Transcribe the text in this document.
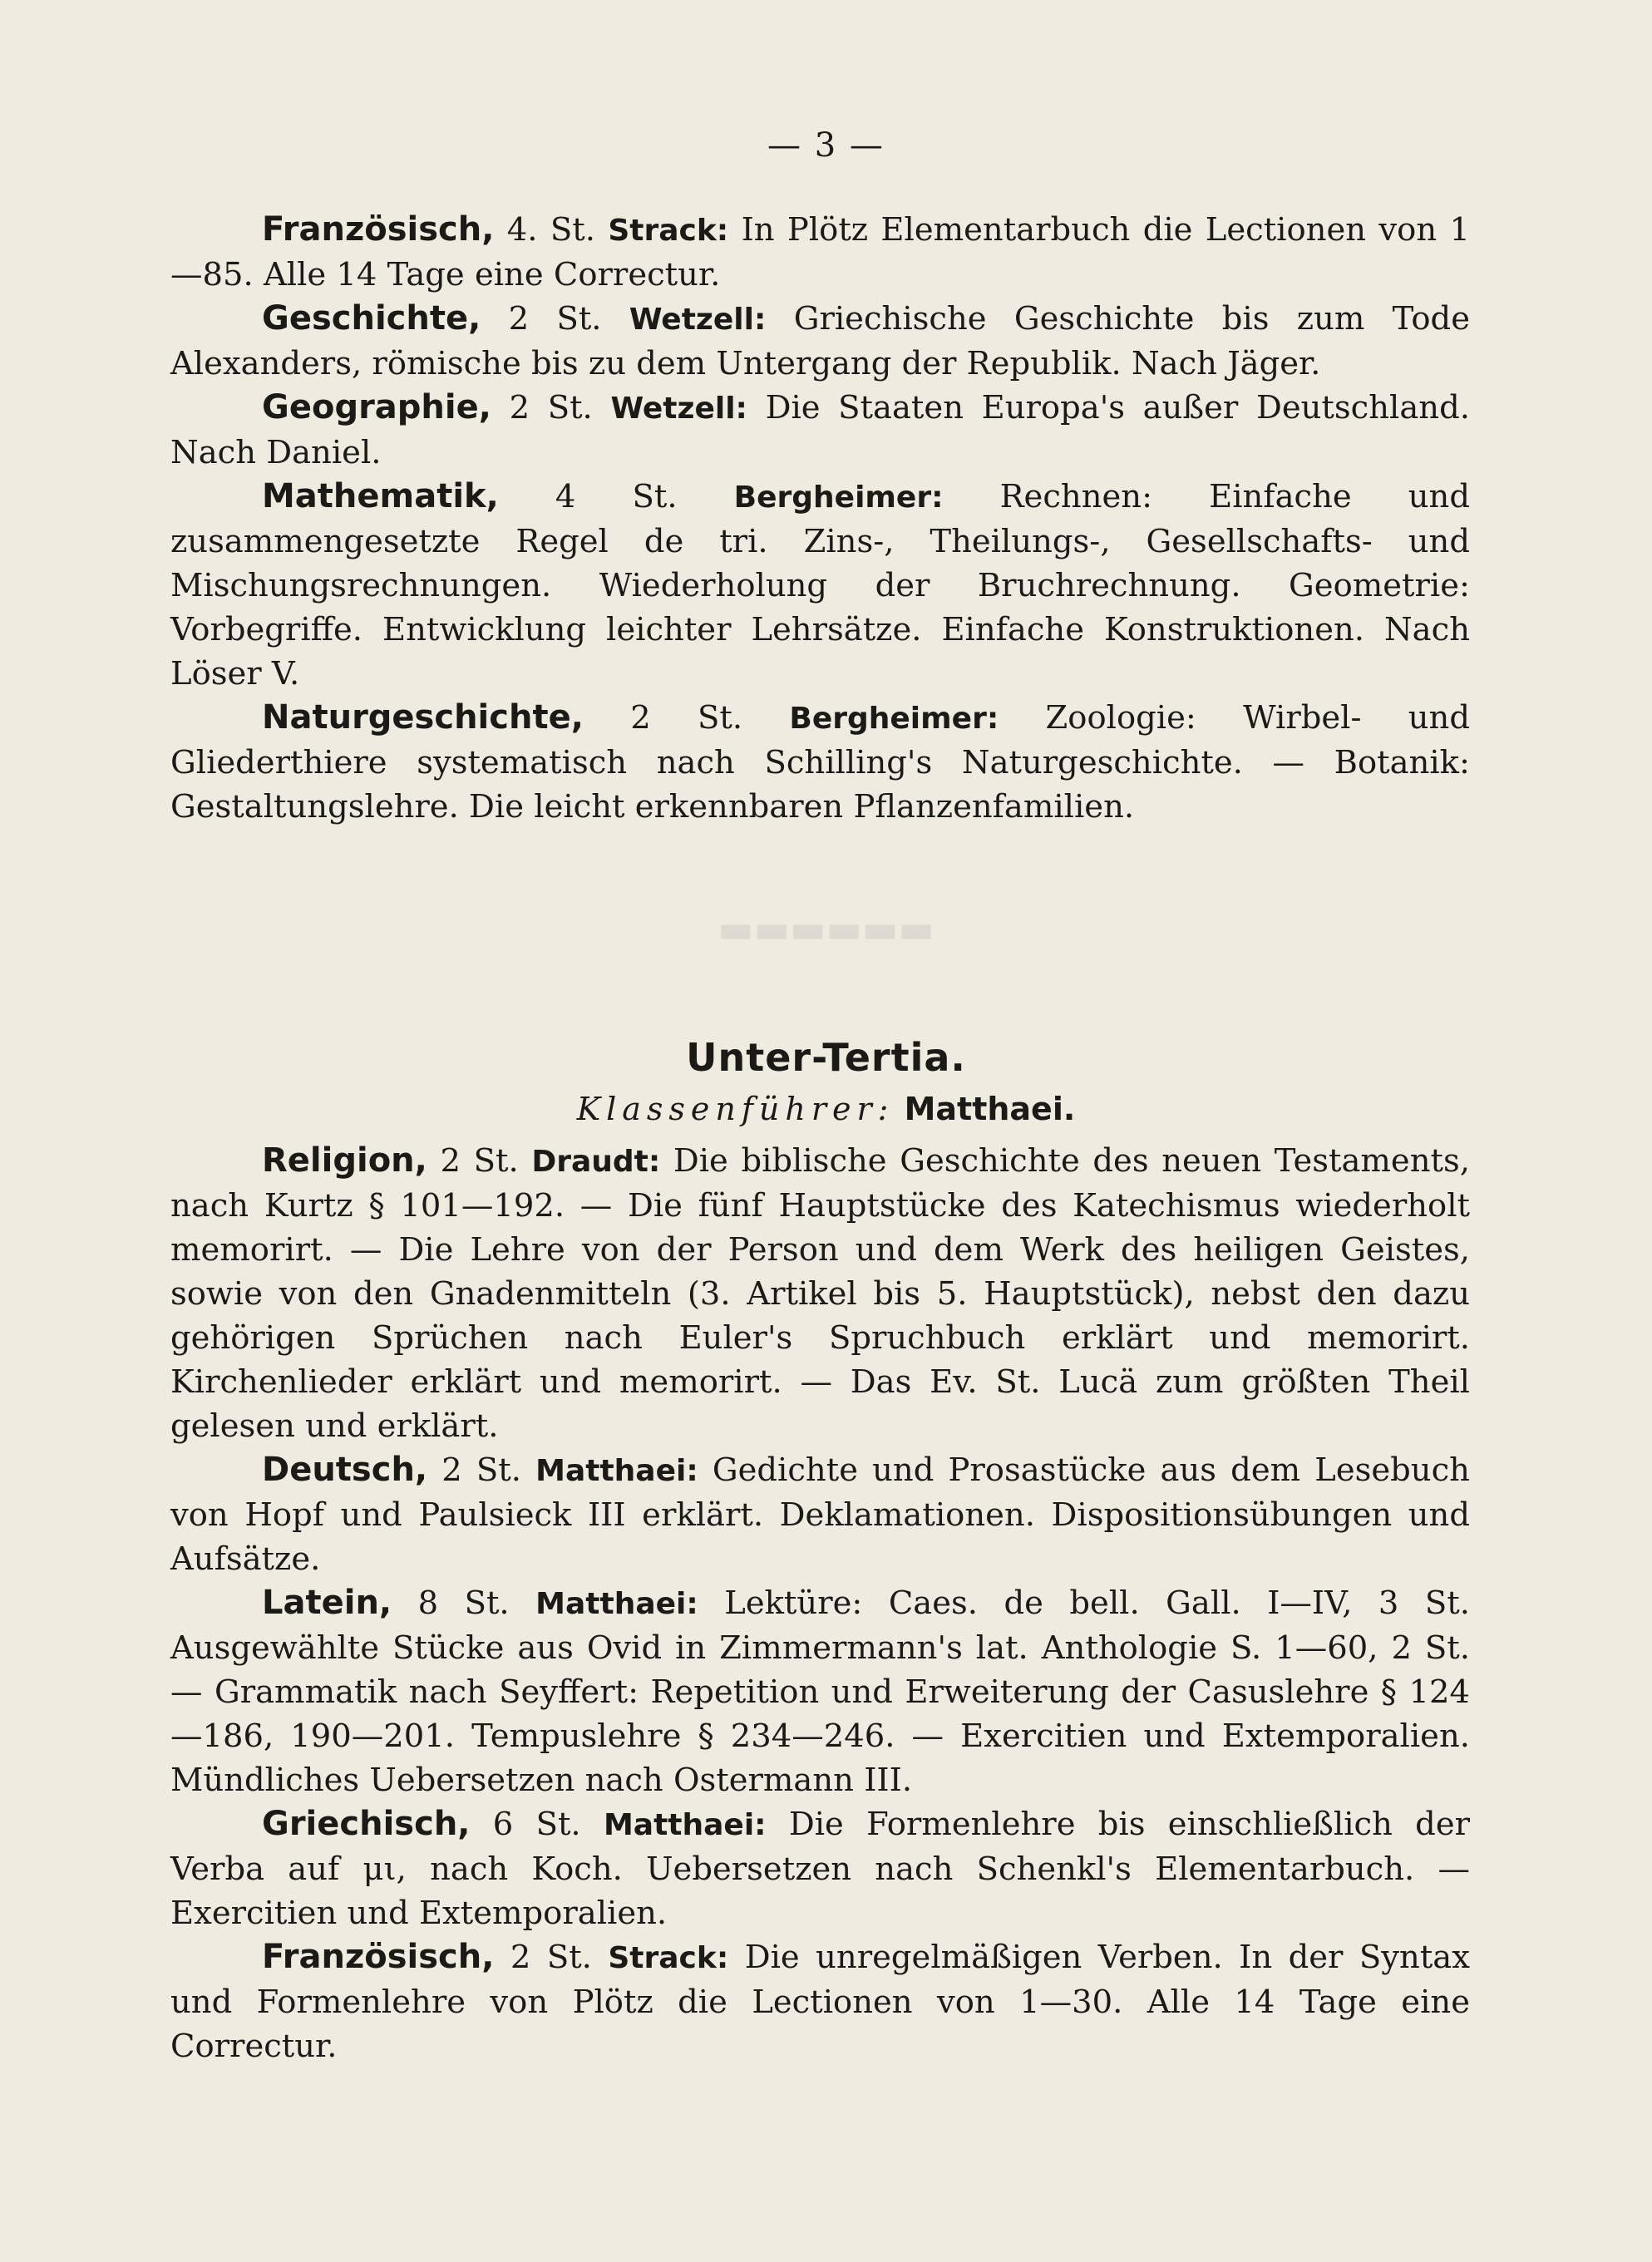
▬▬▬▬▬▬
— 3 —

Französisch, 4. St. Strack: In Plötz Elementarbuch die Lectionen von 1—85. Alle 14 Tage eine Correctur.

Geschichte, 2 St. Wetzell: Griechische Geschichte bis zum Tode Alexanders, römische bis zu dem Untergang der Republik. Nach Jäger.

Geographie, 2 St. Wetzell: Die Staaten Europa's außer Deutschland. Nach Daniel.

Mathematik, 4 St. Bergheimer: Rechnen: Einfache und zusammengesetzte Regel de tri. Zins-, Theilungs-, Gesellschafts- und Mischungsrechnungen. Wiederholung der Bruchrechnung. Geometrie: Vorbegriffe. Entwicklung leichter Lehrsätze. Einfache Konstruktionen. Nach Löser V.

Naturgeschichte, 2 St. Bergheimer: Zoologie: Wirbel- und Gliederthiere systematisch nach Schilling's Naturgeschichte. — Botanik: Gestaltungslehre. Die leicht erkennbaren Pflanzenfamilien.

Unter-Tertia.
Klassenführer: Matthaei.

Religion, 2 St. Draudt: Die biblische Geschichte des neuen Testaments, nach Kurtz § 101—192. — Die fünf Hauptstücke des Katechismus wiederholt memorirt. — Die Lehre von der Person und dem Werk des heiligen Geistes, sowie von den Gnadenmitteln (3. Artikel bis 5. Hauptstück), nebst den dazu gehörigen Sprüchen nach Euler's Spruchbuch erklärt und memorirt. Kirchenlieder erklärt und memorirt. — Das Ev. St. Lucä zum größten Theil gelesen und erklärt.

Deutsch, 2 St. Matthaei: Gedichte und Prosastücke aus dem Lesebuch von Hopf und Paulsieck III erklärt. Deklamationen. Dispositionsübungen und Aufsätze.

Latein, 8 St. Matthaei: Lektüre: Caes. de bell. Gall. I—IV, 3 St. Ausgewählte Stücke aus Ovid in Zimmermann's lat. Anthologie S. 1—60, 2 St. — Grammatik nach Seyffert: Repetition und Erweiterung der Casuslehre § 124—186, 190—201. Tempuslehre § 234—246. — Exercitien und Extemporalien. Mündliches Uebersetzen nach Ostermann III.

Griechisch, 6 St. Matthaei: Die Formenlehre bis einschließlich der Verba auf μι, nach Koch. Uebersetzen nach Schenkl's Elementarbuch. — Exercitien und Extemporalien.

Französisch, 2 St. Strack: Die unregelmäßigen Verben. In der Syntax und Formenlehre von Plötz die Lectionen von 1—30. Alle 14 Tage eine Correctur.
